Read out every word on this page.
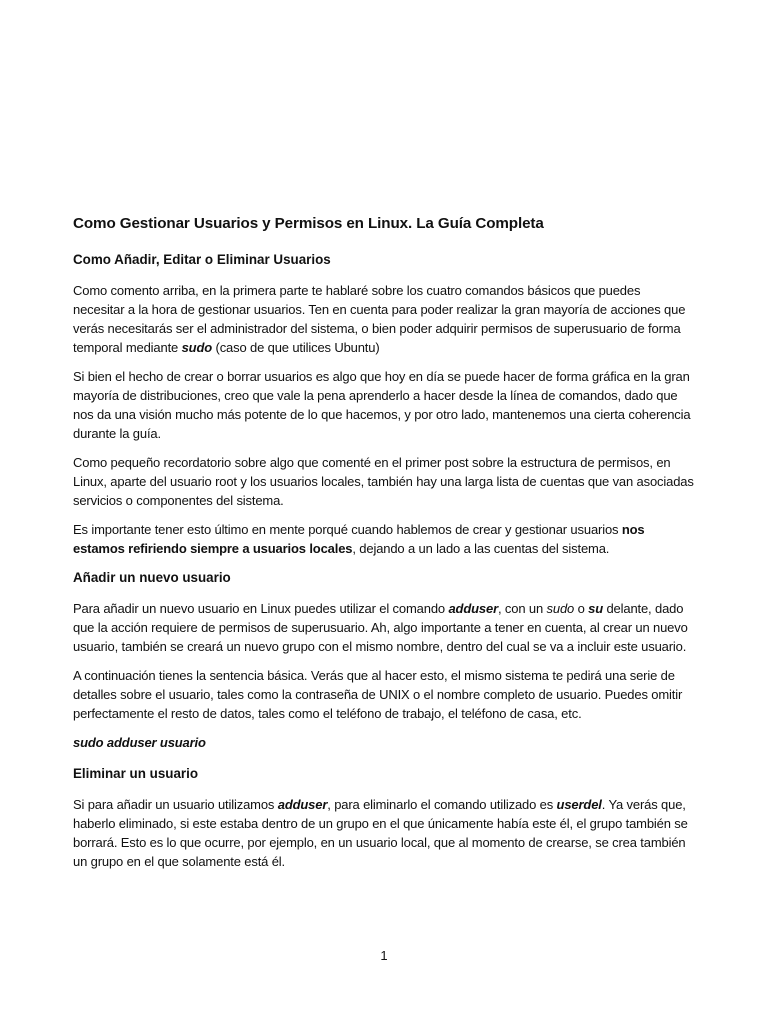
Como Gestionar Usuarios y Permisos en Linux. La Guía Completa
Como Añadir, Editar o Eliminar Usuarios

Como comento arriba, en la primera parte te hablaré sobre los cuatro comandos básicos que puedes necesitar a la hora de gestionar usuarios. Ten en cuenta para poder realizar la gran mayoría de acciones que verás necesitarás ser el administrador del sistema, o bien poder adquirir permisos de superusuario de forma temporal mediante sudo (caso de que utilices Ubuntu)

Si bien el hecho de crear o borrar usuarios es algo que hoy en día se puede hacer de forma gráfica en la gran mayoría de distribuciones, creo que vale la pena aprenderlo a hacer desde la línea de comandos, dado que nos da una visión mucho más potente de lo que hacemos, y por otro lado, mantenemos una cierta coherencia durante la guía.

Como pequeño recordatorio sobre algo que comenté en el primer post sobre la estructura de permisos, en Linux, aparte del usuario root y los usuarios locales, también hay una larga lista de cuentas que van asociadas servicios o componentes del sistema.

Es importante tener esto último en mente porqué cuando hablemos de crear y gestionar usuarios nos estamos refiriendo siempre a usuarios locales, dejando a un lado a las cuentas del sistema.

Añadir un nuevo usuario

Para añadir un nuevo usuario en Linux puedes utilizar el comando adduser, con un sudo o su delante, dado que la acción requiere de permisos de superusuario. Ah, algo importante a tener en cuenta, al crear un nuevo usuario, también se creará un nuevo grupo con el mismo nombre, dentro del cual se va a incluir este usuario.

A continuación tienes la sentencia básica. Verás que al hacer esto, el mismo sistema te pedirá una serie de detalles sobre el usuario, tales como la contraseña de UNIX o el nombre completo de usuario. Puedes omitir perfectamente el resto de datos, tales como el teléfono de trabajo, el teléfono de casa, etc.

sudo adduser usuario

Eliminar un usuario

Si para añadir un usuario utilizamos adduser, para eliminarlo el comando utilizado es userdel. Ya verás que, haberlo eliminado, si este estaba dentro de un grupo en el que únicamente había este él, el grupo también se borrará. Esto es lo que ocurre, por ejemplo, en un usuario local, que al momento de crearse, se crea también un grupo en el que solamente está él.

1
